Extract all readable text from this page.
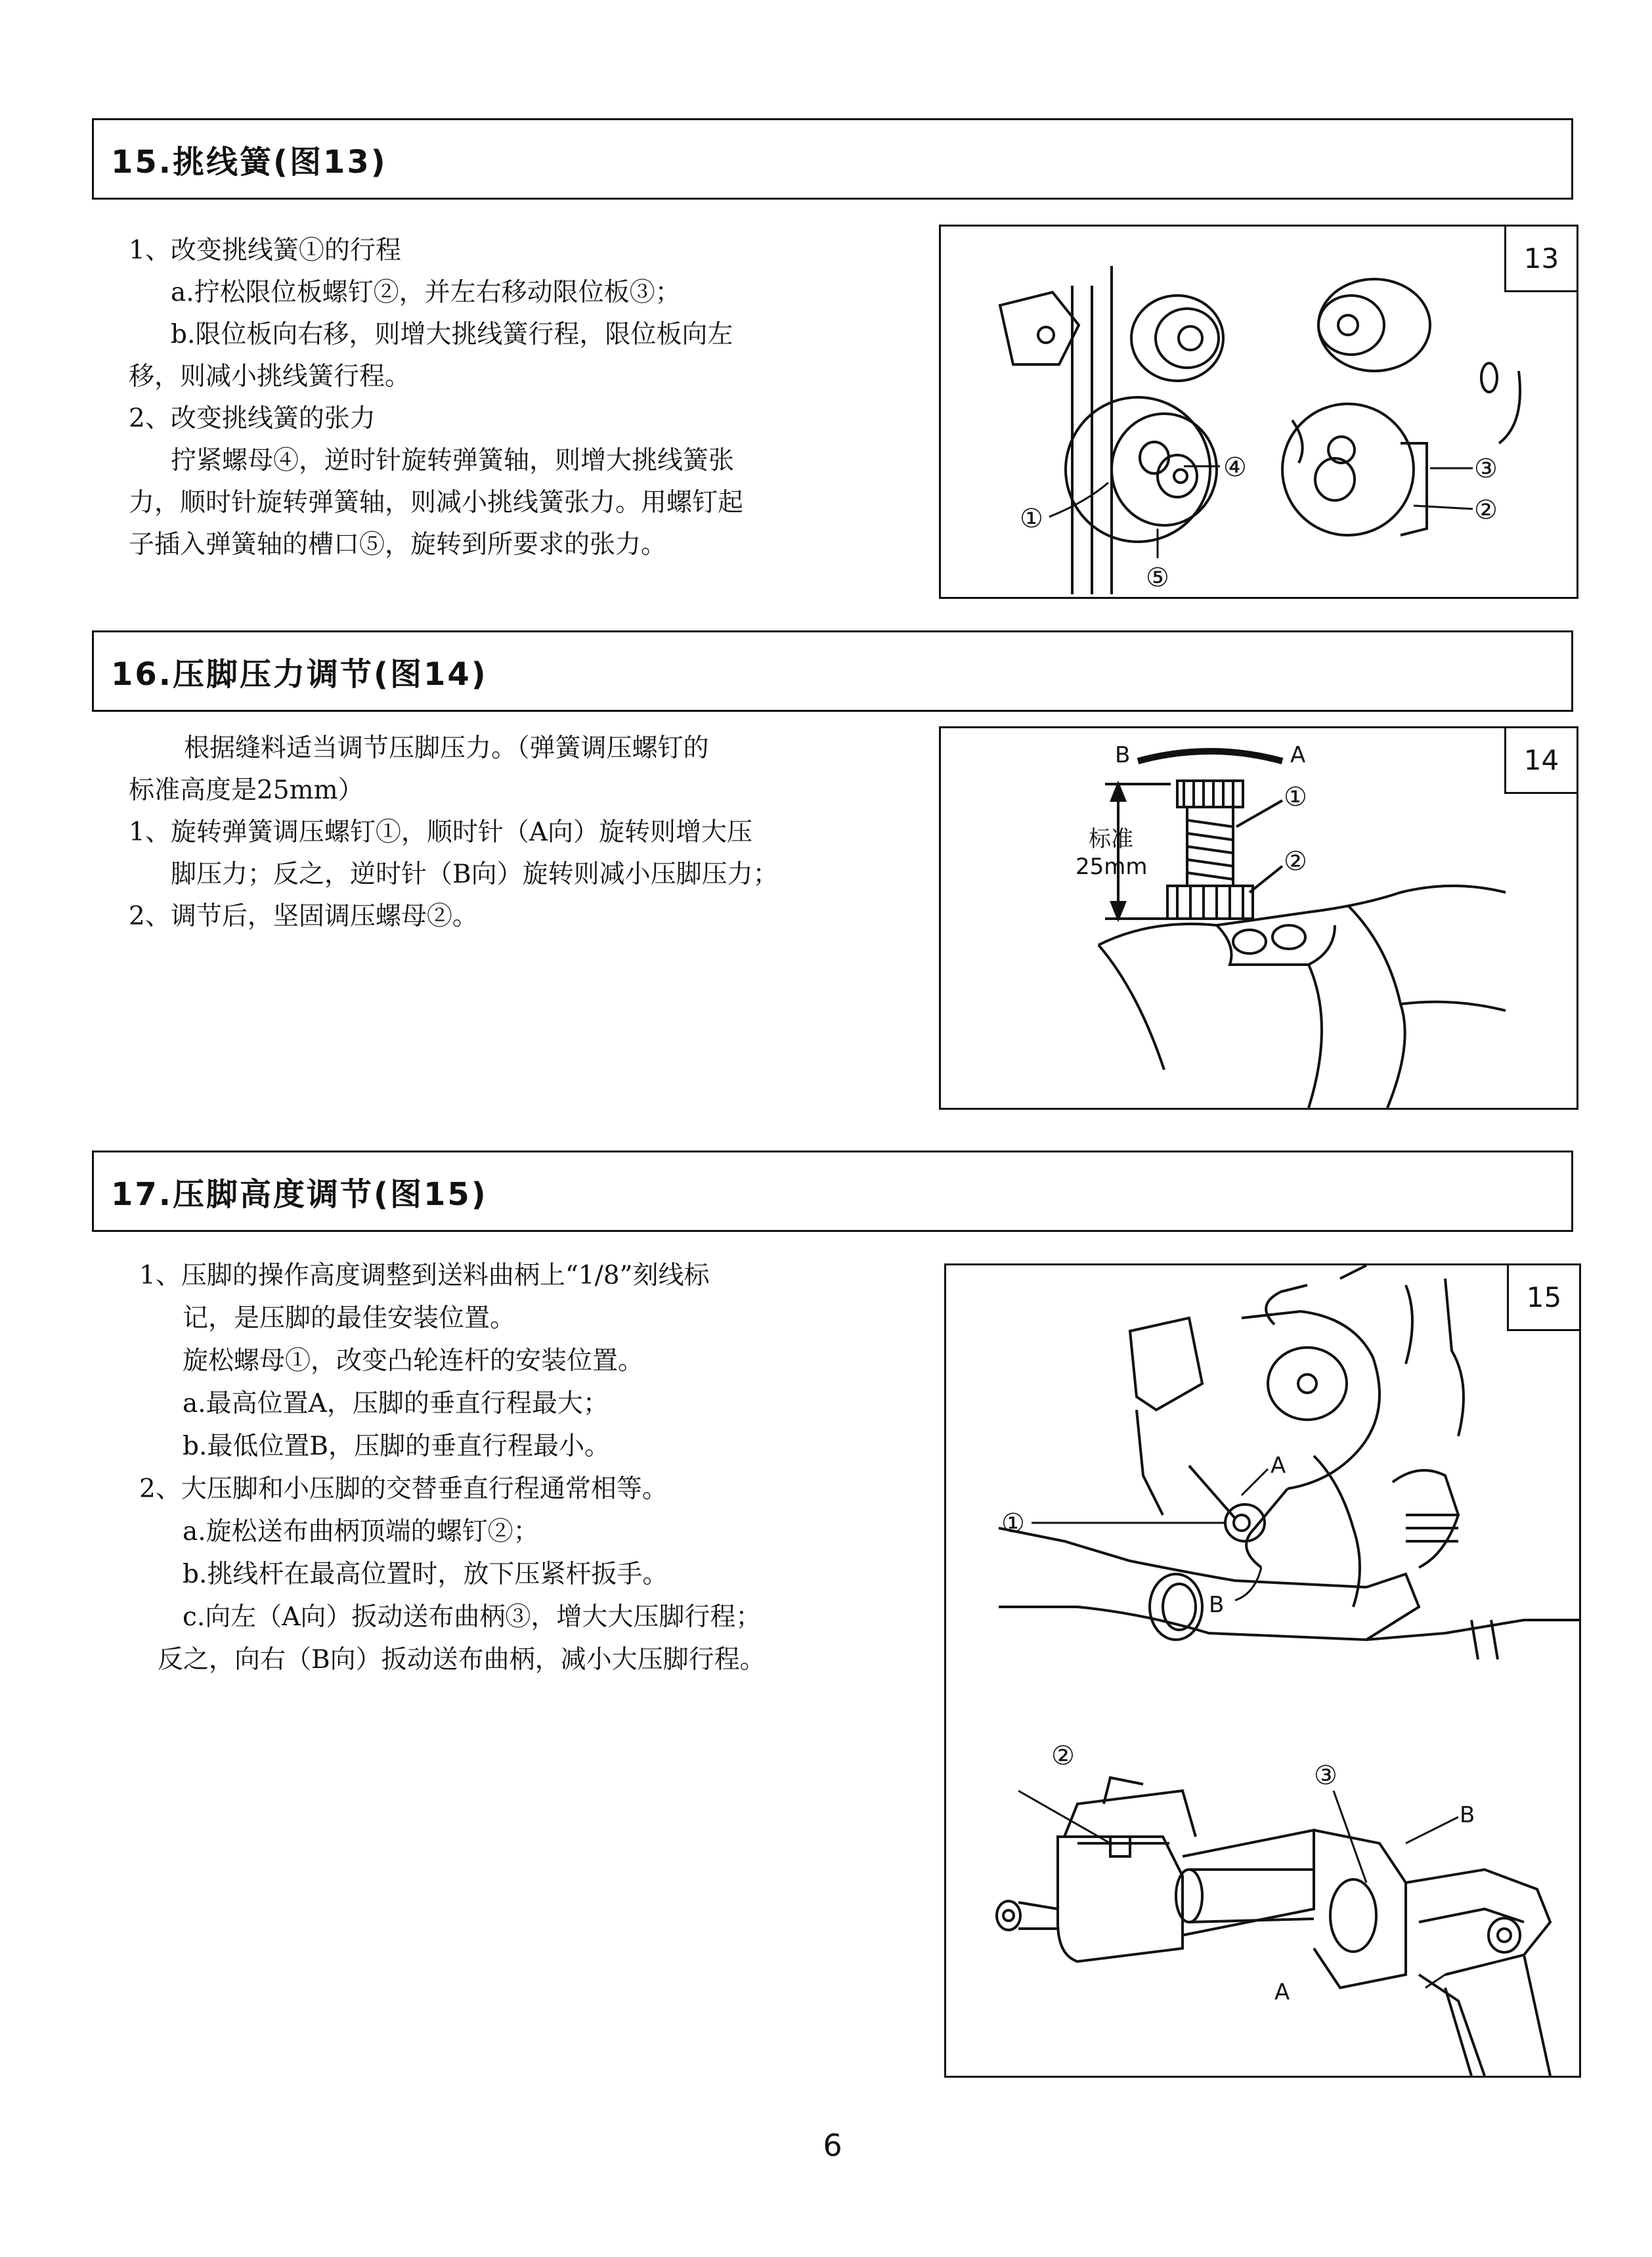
15.挑线簧(图13)

1、改变挑线簧①的行程

a.拧松限位板螺钉②，并左右移动限位板③；

b.限位板向右移，则增大挑线簧行程，限位板向左

移，则减小挑线簧行程。

2、改变挑线簧的张力

拧紧螺母④，逆时针旋转弹簧轴，则增大挑线簧张

力，顺时针旋转弹簧轴，则减小挑线簧张力。用螺钉起

子插入弹簧轴的槽口⑤，旋转到所要求的张力。

④	③
②
①
⑤
13
16.压脚压力调节(图14)

根据缝料适当调节压脚压力。（弹簧调压螺钉的

标准高度是25mm）

1、旋转弹簧调压螺钉①，顺时针（A向）旋转则增大压

脚压力；反之，逆时针（B向）旋转则减小压脚压力；

2、调节后，坚固调压螺母②。

B	A
①
②
标准
25mm
14
17.压脚高度调节(图15)

1、压脚的操作高度调整到送料曲柄上“1/8”刻线标

记，是压脚的最佳安装位置。

旋松螺母①，改变凸轮连杆的安装位置。

a.最高位置A，压脚的垂直行程最大；

b.最低位置B，压脚的垂直行程最小。

2、大压脚和小压脚的交替垂直行程通常相等。

a.旋松送布曲柄顶端的螺钉②；

b.挑线杆在最高位置时，放下压紧杆扳手。

c.向左（A向）扳动送布曲柄③，增大大压脚行程；

反之，向右（B向）扳动送布曲柄，减小大压脚行程。

①
A
B
②
③
B
A
15
6
